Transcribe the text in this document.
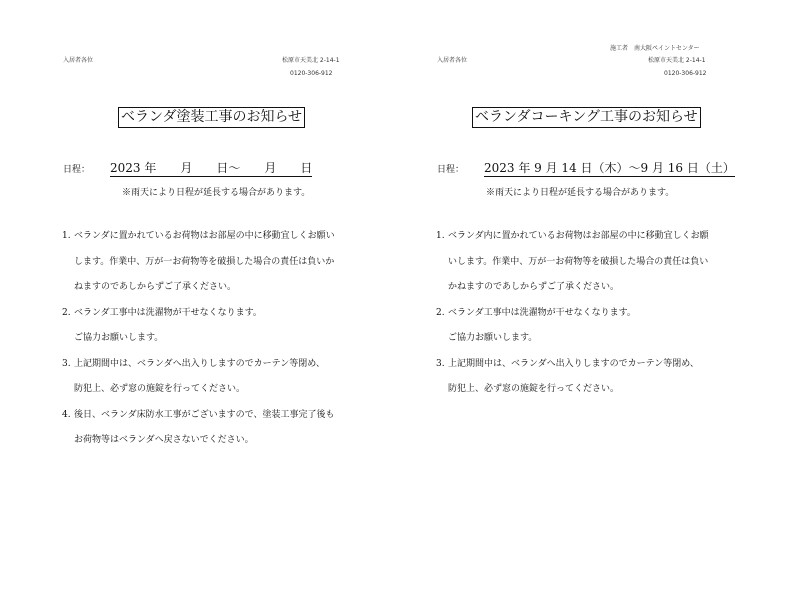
入居者各位	松原市天美北 2-14-1
0120-306-912
ベランダ塗装工事のお知らせ
日程： 2023 年　　月　　日～　　月　　日
※雨天により日程が延長する場合があります。
1. ベランダに置かれているお荷物はお部屋の中に移動宜しくお願い
します。作業中、万が一お荷物等を破損した場合の責任は負いか
ねますのであしからずご了承ください。
2. ベランダ工事中は洗濯物が干せなくなります。
ご協力お願いします。
3. 上記期間中は、ベランダへ出入りしますのでカーテン等閉め、
防犯上、必ず窓の施錠を行ってください。
4. 後日、ベランダ床防水工事がございますので、塗装工事完了後も
お荷物等はベランダへ戻さないでください。
施工者　南大阪ペイントセンター
入居者各位	松原市天美北 2-14-1
0120-306-912
ベランダコーキング工事のお知らせ
日程： 2023 年 9 月 14 日（木）～9 月 16 日（土）
※雨天により日程が延長する場合があります。
1. ベランダ内に置かれているお荷物はお部屋の中に移動宜しくお願
いします。作業中、万が一お荷物等を破損した場合の責任は負い
かねますのであしからずご了承ください。
2. ベランダ工事中は洗濯物が干せなくなります。
ご協力お願いします。
3. 上記期間中は、ベランダへ出入りしますのでカーテン等閉め、
防犯上、必ず窓の施錠を行ってください。
